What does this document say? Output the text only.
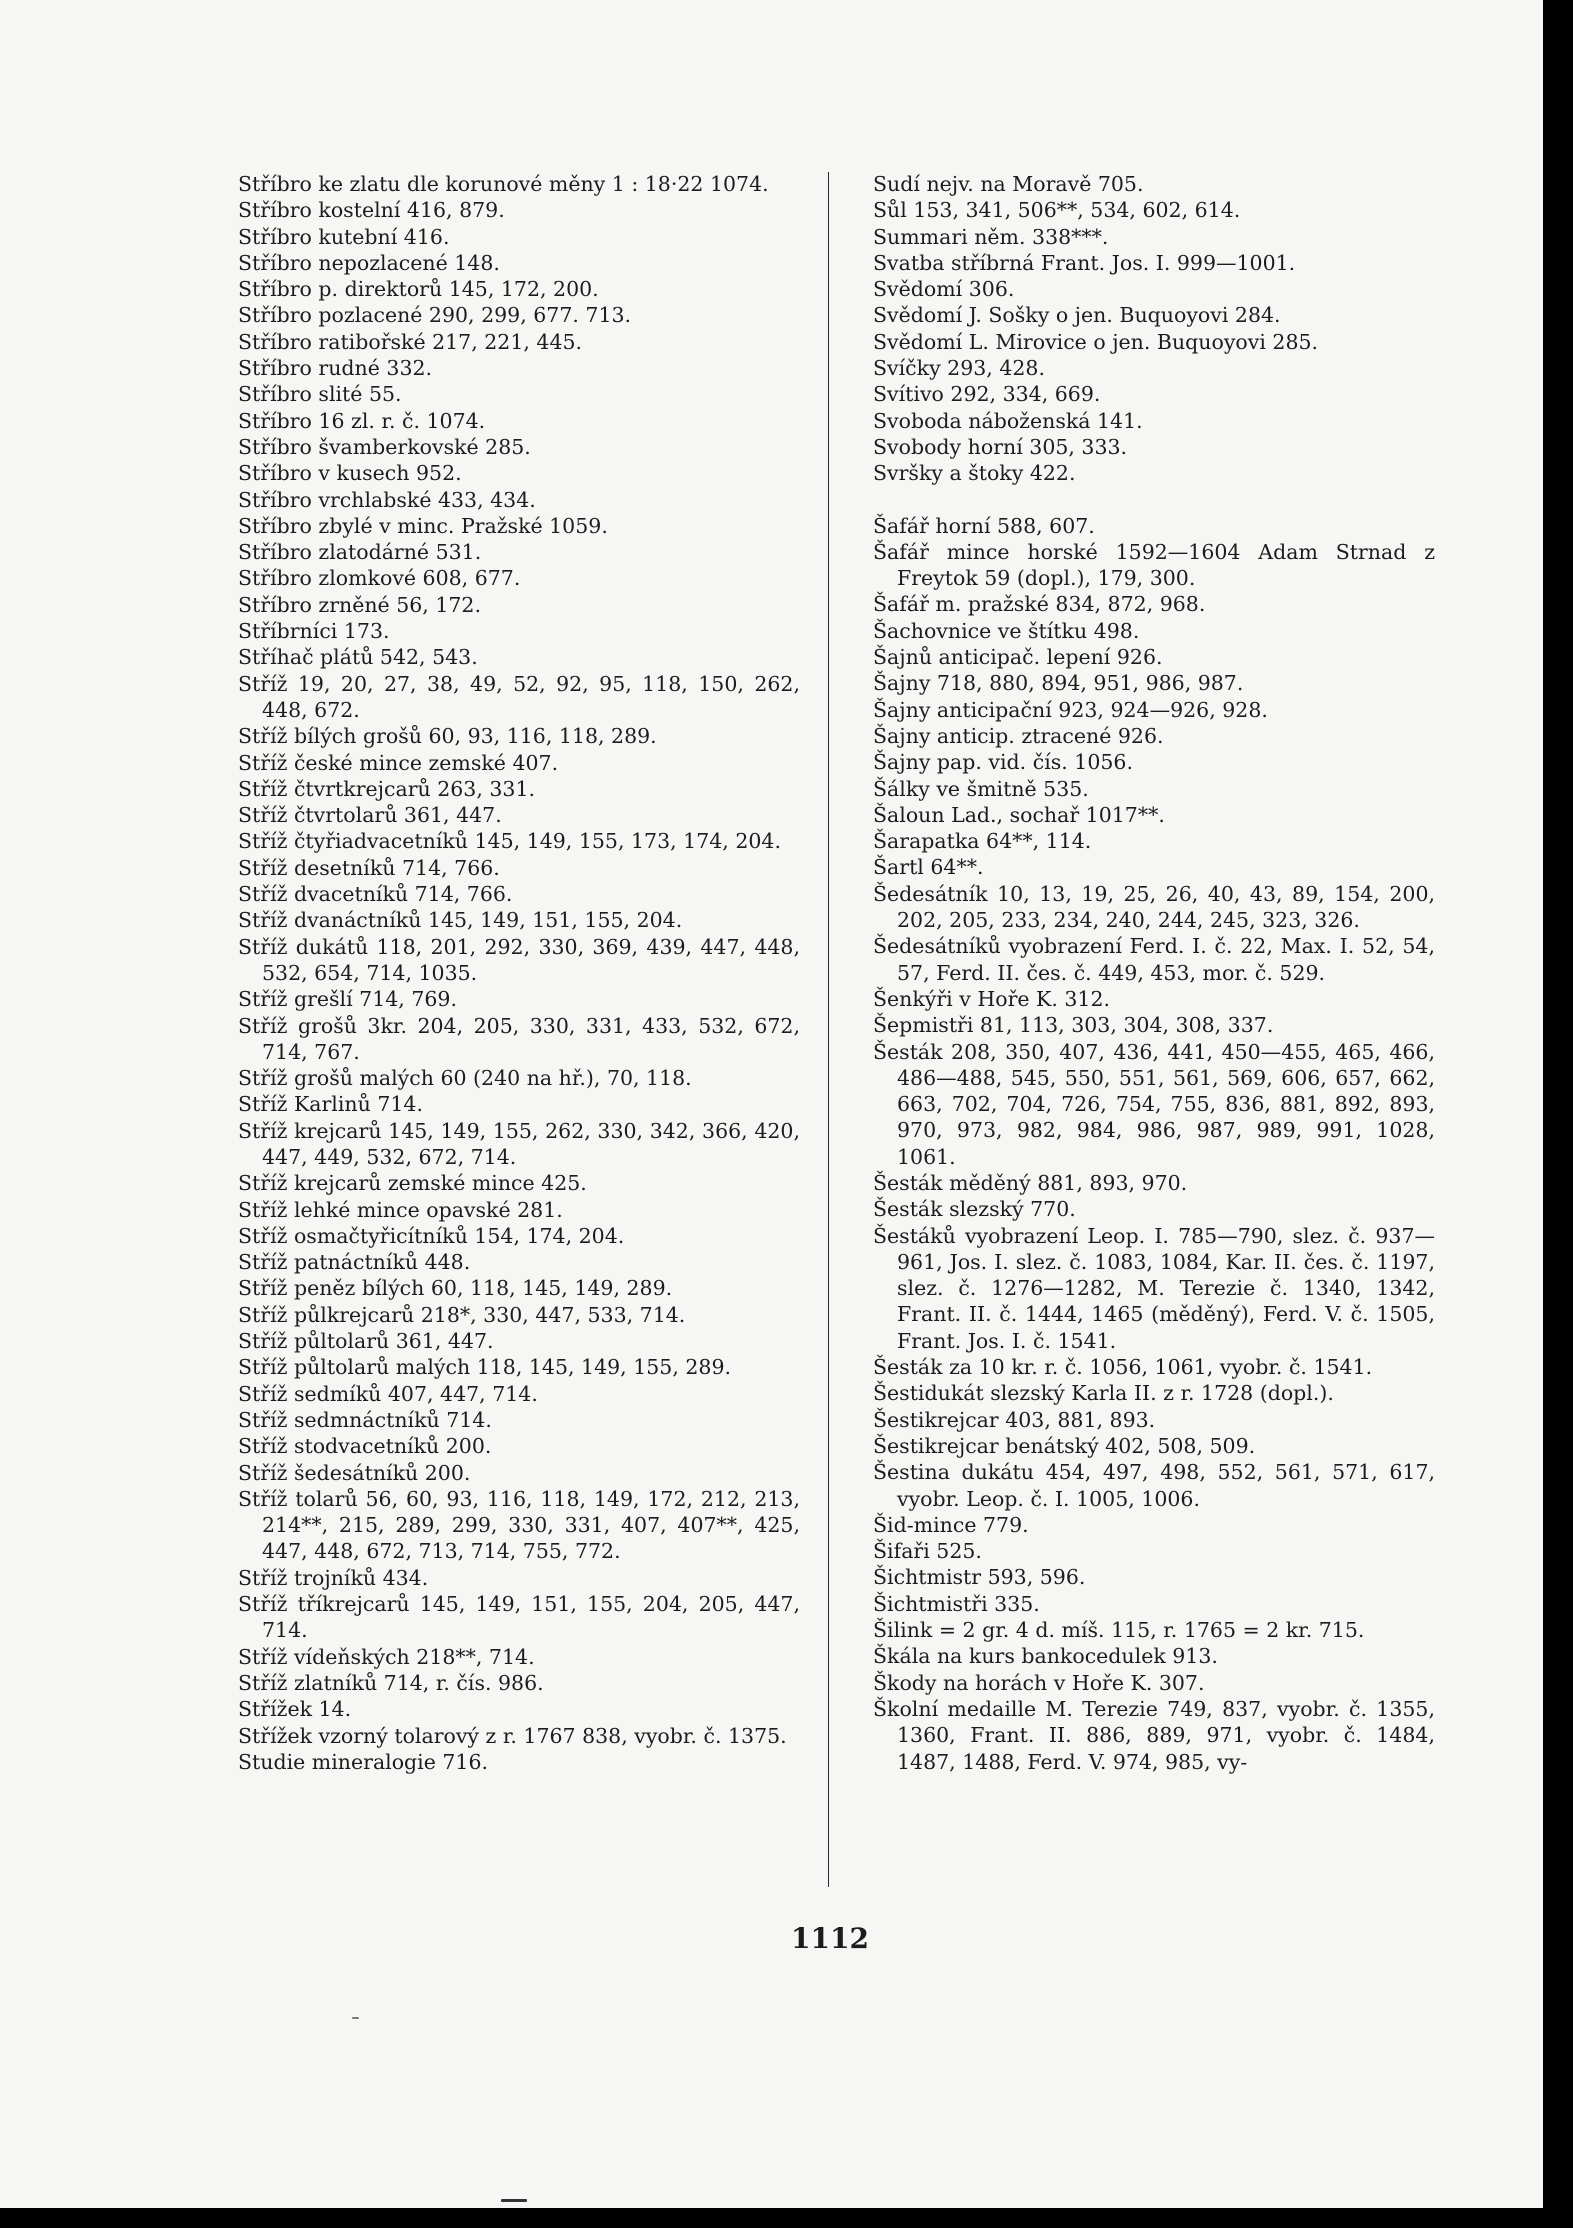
Stříbro ke zlatu dle korunové měny 1 : 18·22 1074.

Stříbro kostelní 416, 879.

Stříbro kutební 416.

Stříbro nepozlacené 148.

Stříbro p. direktorů 145, 172, 200.

Stříbro pozlacené 290, 299, 677. 713.

Stříbro ratibořské 217, 221, 445.

Stříbro rudné 332.

Stříbro slité 55.

Stříbro 16 zl. r. č. 1074.

Stříbro švamberkovské 285.

Stříbro v kusech 952.

Stříbro vrchlabské 433, 434.

Stříbro zbylé v minc. Pražské 1059.

Stříbro zlatodárné 531.

Stříbro zlomkové 608, 677.

Stříbro zrněné 56, 172.

Stříbrníci 173.

Stříhač plátů 542, 543.

Stříž 19, 20, 27, 38, 49, 52, 92, 95, 118, 150, 262, 448, 672.

Stříž bílých grošů 60, 93, 116, 118, 289.

Stříž české mince zemské 407.

Stříž čtvrtkrejcarů 263, 331.

Stříž čtvrtolarů 361, 447.

Stříž čtyřiadvacetníků 145, 149, 155, 173, 174, 204.

Stříž desetníků 714, 766.

Stříž dvacetníků 714, 766.

Stříž dvanáctníků 145, 149, 151, 155, 204.

Stříž dukátů 118, 201, 292, 330, 369, 439, 447, 448, 532, 654, 714, 1035.

Stříž grešlí 714, 769.

Stříž grošů 3kr. 204, 205, 330, 331, 433, 532, 672, 714, 767.

Stříž grošů malých 60 (240 na hř.), 70, 118.

Stříž Karlinů 714.

Stříž krejcarů 145, 149, 155, 262, 330, 342, 366, 420, 447, 449, 532, 672, 714.

Stříž krejcarů zemské mince 425.

Stříž lehké mince opavské 281.

Stříž osmačtyřicítníků 154, 174, 204.

Stříž patnáctníků 448.

Stříž peněz bílých 60, 118, 145, 149, 289.

Stříž půlkrejcarů 218*, 330, 447, 533, 714.

Stříž půltolarů 361, 447.

Stříž půltolarů malých 118, 145, 149, 155, 289.

Stříž sedmíků 407, 447, 714.

Stříž sedmnáctníků 714.

Stříž stodvacetníků 200.

Stříž šedesátníků 200.

Stříž tolarů 56, 60, 93, 116, 118, 149, 172, 212, 213, 214**, 215, 289, 299, 330, 331, 407, 407**, 425, 447, 448, 672, 713, 714, 755, 772.

Stříž trojníků 434.

Stříž tříkrejcarů 145, 149, 151, 155, 204, 205, 447, 714.

Stříž vídeňských 218**, 714.

Stříž zlatníků 714, r. čís. 986.

Střížek 14.

Střížek vzorný tolarový z r. 1767 838, vyobr. č. 1375.

Studie mineralogie 716.

Sudí nejv. na Moravě 705.

Sůl 153, 341, 506**, 534, 602, 614.

Summari něm. 338***.

Svatba stříbrná Frant. Jos. I. 999—1001.

Svědomí 306.

Svědomí J. Sošky o jen. Buquoyovi 284.

Svědomí L. Mirovice o jen. Buquoyovi 285.

Svíčky 293, 428.

Svítivo 292, 334, 669.

Svoboda náboženská 141.

Svobody horní 305, 333.

Svršky a štoky 422.

Šafář horní 588, 607.

Šafář mince horské 1592—1604 Adam Strnad z Freytok 59 (dopl.), 179, 300.

Šafář m. pražské 834, 872, 968.

Šachovnice ve štítku 498.

Šajnů anticipač. lepení 926.

Šajny 718, 880, 894, 951, 986, 987.

Šajny anticipační 923, 924—926, 928.

Šajny anticip. ztracené 926.

Šajny pap. vid. čís. 1056.

Šálky ve šmitně 535.

Šaloun Lad., sochař 1017**.

Šarapatka 64**, 114.

Šartl 64**.

Šedesátník 10, 13, 19, 25, 26, 40, 43, 89, 154, 200, 202, 205, 233, 234, 240, 244, 245, 323, 326.

Šedesátníků vyobrazení Ferd. I. č. 22, Max. I. 52, 54, 57, Ferd. II. čes. č. 449, 453, mor. č. 529.

Šenkýři v Hoře K. 312.

Šepmistři 81, 113, 303, 304, 308, 337.

Šesták 208, 350, 407, 436, 441, 450—455, 465, 466, 486—488, 545, 550, 551, 561, 569, 606, 657, 662, 663, 702, 704, 726, 754, 755, 836, 881, 892, 893, 970, 973, 982, 984, 986, 987, 989, 991, 1028, 1061.

Šesták měděný 881, 893, 970.

Šesták slezský 770.

Šestáků vyobrazení Leop. I. 785—790, slez. č. 937—961, Jos. I. slez. č. 1083, 1084, Kar. II. čes. č. 1197, slez. č. 1276—1282, M. Terezie č. 1340, 1342, Frant. II. č. 1444, 1465 (měděný), Ferd. V. č. 1505, Frant. Jos. I. č. 1541.

Šesták za 10 kr. r. č. 1056, 1061, vyobr. č. 1541.

Šestidukát slezský Karla II. z r. 1728 (dopl.).

Šestikrejcar 403, 881, 893.

Šestikrejcar benátský 402, 508, 509.

Šestina dukátu 454, 497, 498, 552, 561, 571, 617, vyobr. Leop. č. I. 1005, 1006.

Šid-mince 779.

Šifaři 525.

Šichtmistr 593, 596.

Šichtmistři 335.

Šilink = 2 gr. 4 d. míš. 115, r. 1765 = 2 kr. 715.

Škála na kurs bankocedulek 913.

Škody na horách v Hoře K. 307.

Školní medaille M. Terezie 749, 837, vyobr. č. 1355, 1360, Frant. II. 886, 889, 971, vyobr. č. 1484, 1487, 1488, Ferd. V. 974, 985, vy-

1112
